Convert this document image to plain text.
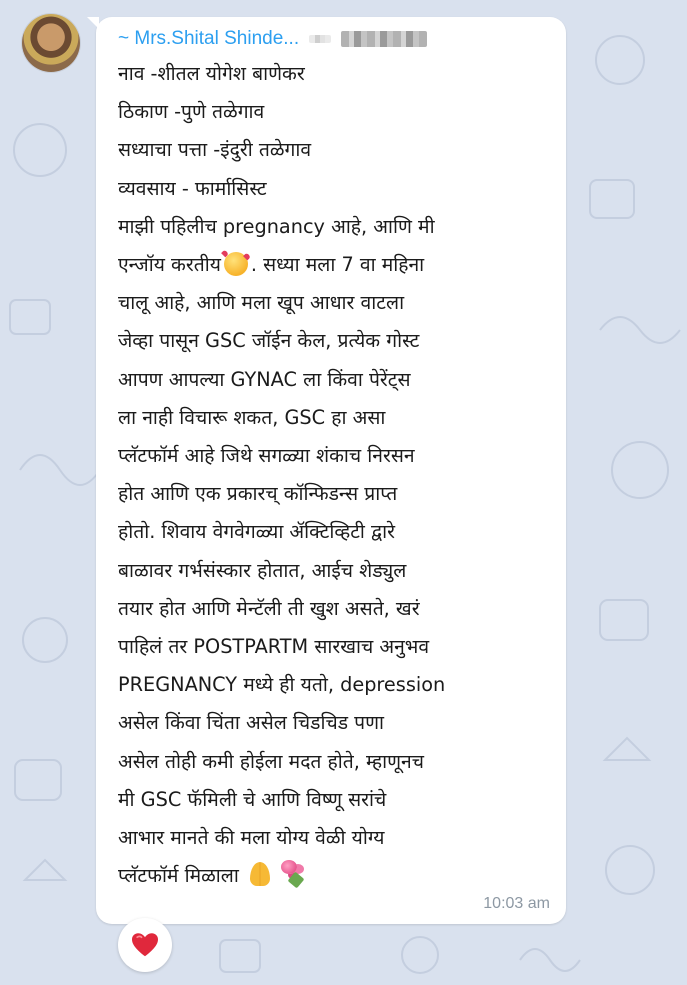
~ Mrs.Shital Shinde...
नाव -शीतल योगेश बाणेकर
ठिकाण -पुणे तळेगाव
सध्याचा पत्ता -इंदुरी तळेगाव
व्यवसाय - फार्मासिस्ट
माझी पहिलीच pregnancy आहे, आणि मी
एन्जॉय करतीय . सध्या मला 7 वा महिना
चालू आहे, आणि मला खूप आधार वाटला
जेव्हा पासून GSC जॉईन केल, प्रत्येक गोस्ट
आपण आपल्या GYNAC ला किंवा पेरेंट्स
ला नाही विचारू शकत, GSC हा असा
प्लॅटफॉर्म आहे जिथे सगळ्या शंकाच निरसन
होत आणि एक प्रकारच् कॉन्फिडन्स प्राप्त
होतो. शिवाय वेगवेगळ्या ॲक्टिव्हिटी द्वारे
बाळावर गर्भसंस्कार होतात, आईच शेड्युल
तयार होत आणि मेन्टॅली ती खुश असते, खरं
पाहिलं तर POSTPARTM सारखाच अनुभव
PREGNANCY मध्ये ही यतो, depression
असेल किंवा चिंता असेल चिडचिड पणा
असेल तोही कमी होईला मदत होते, म्हाणूनच
मी GSC फॅमिली चे आणि विष्णू सरांचे
आभार मानते की मला योग्य वेळी योग्य
प्लॅटफॉर्म मिळाला
10:03 am
